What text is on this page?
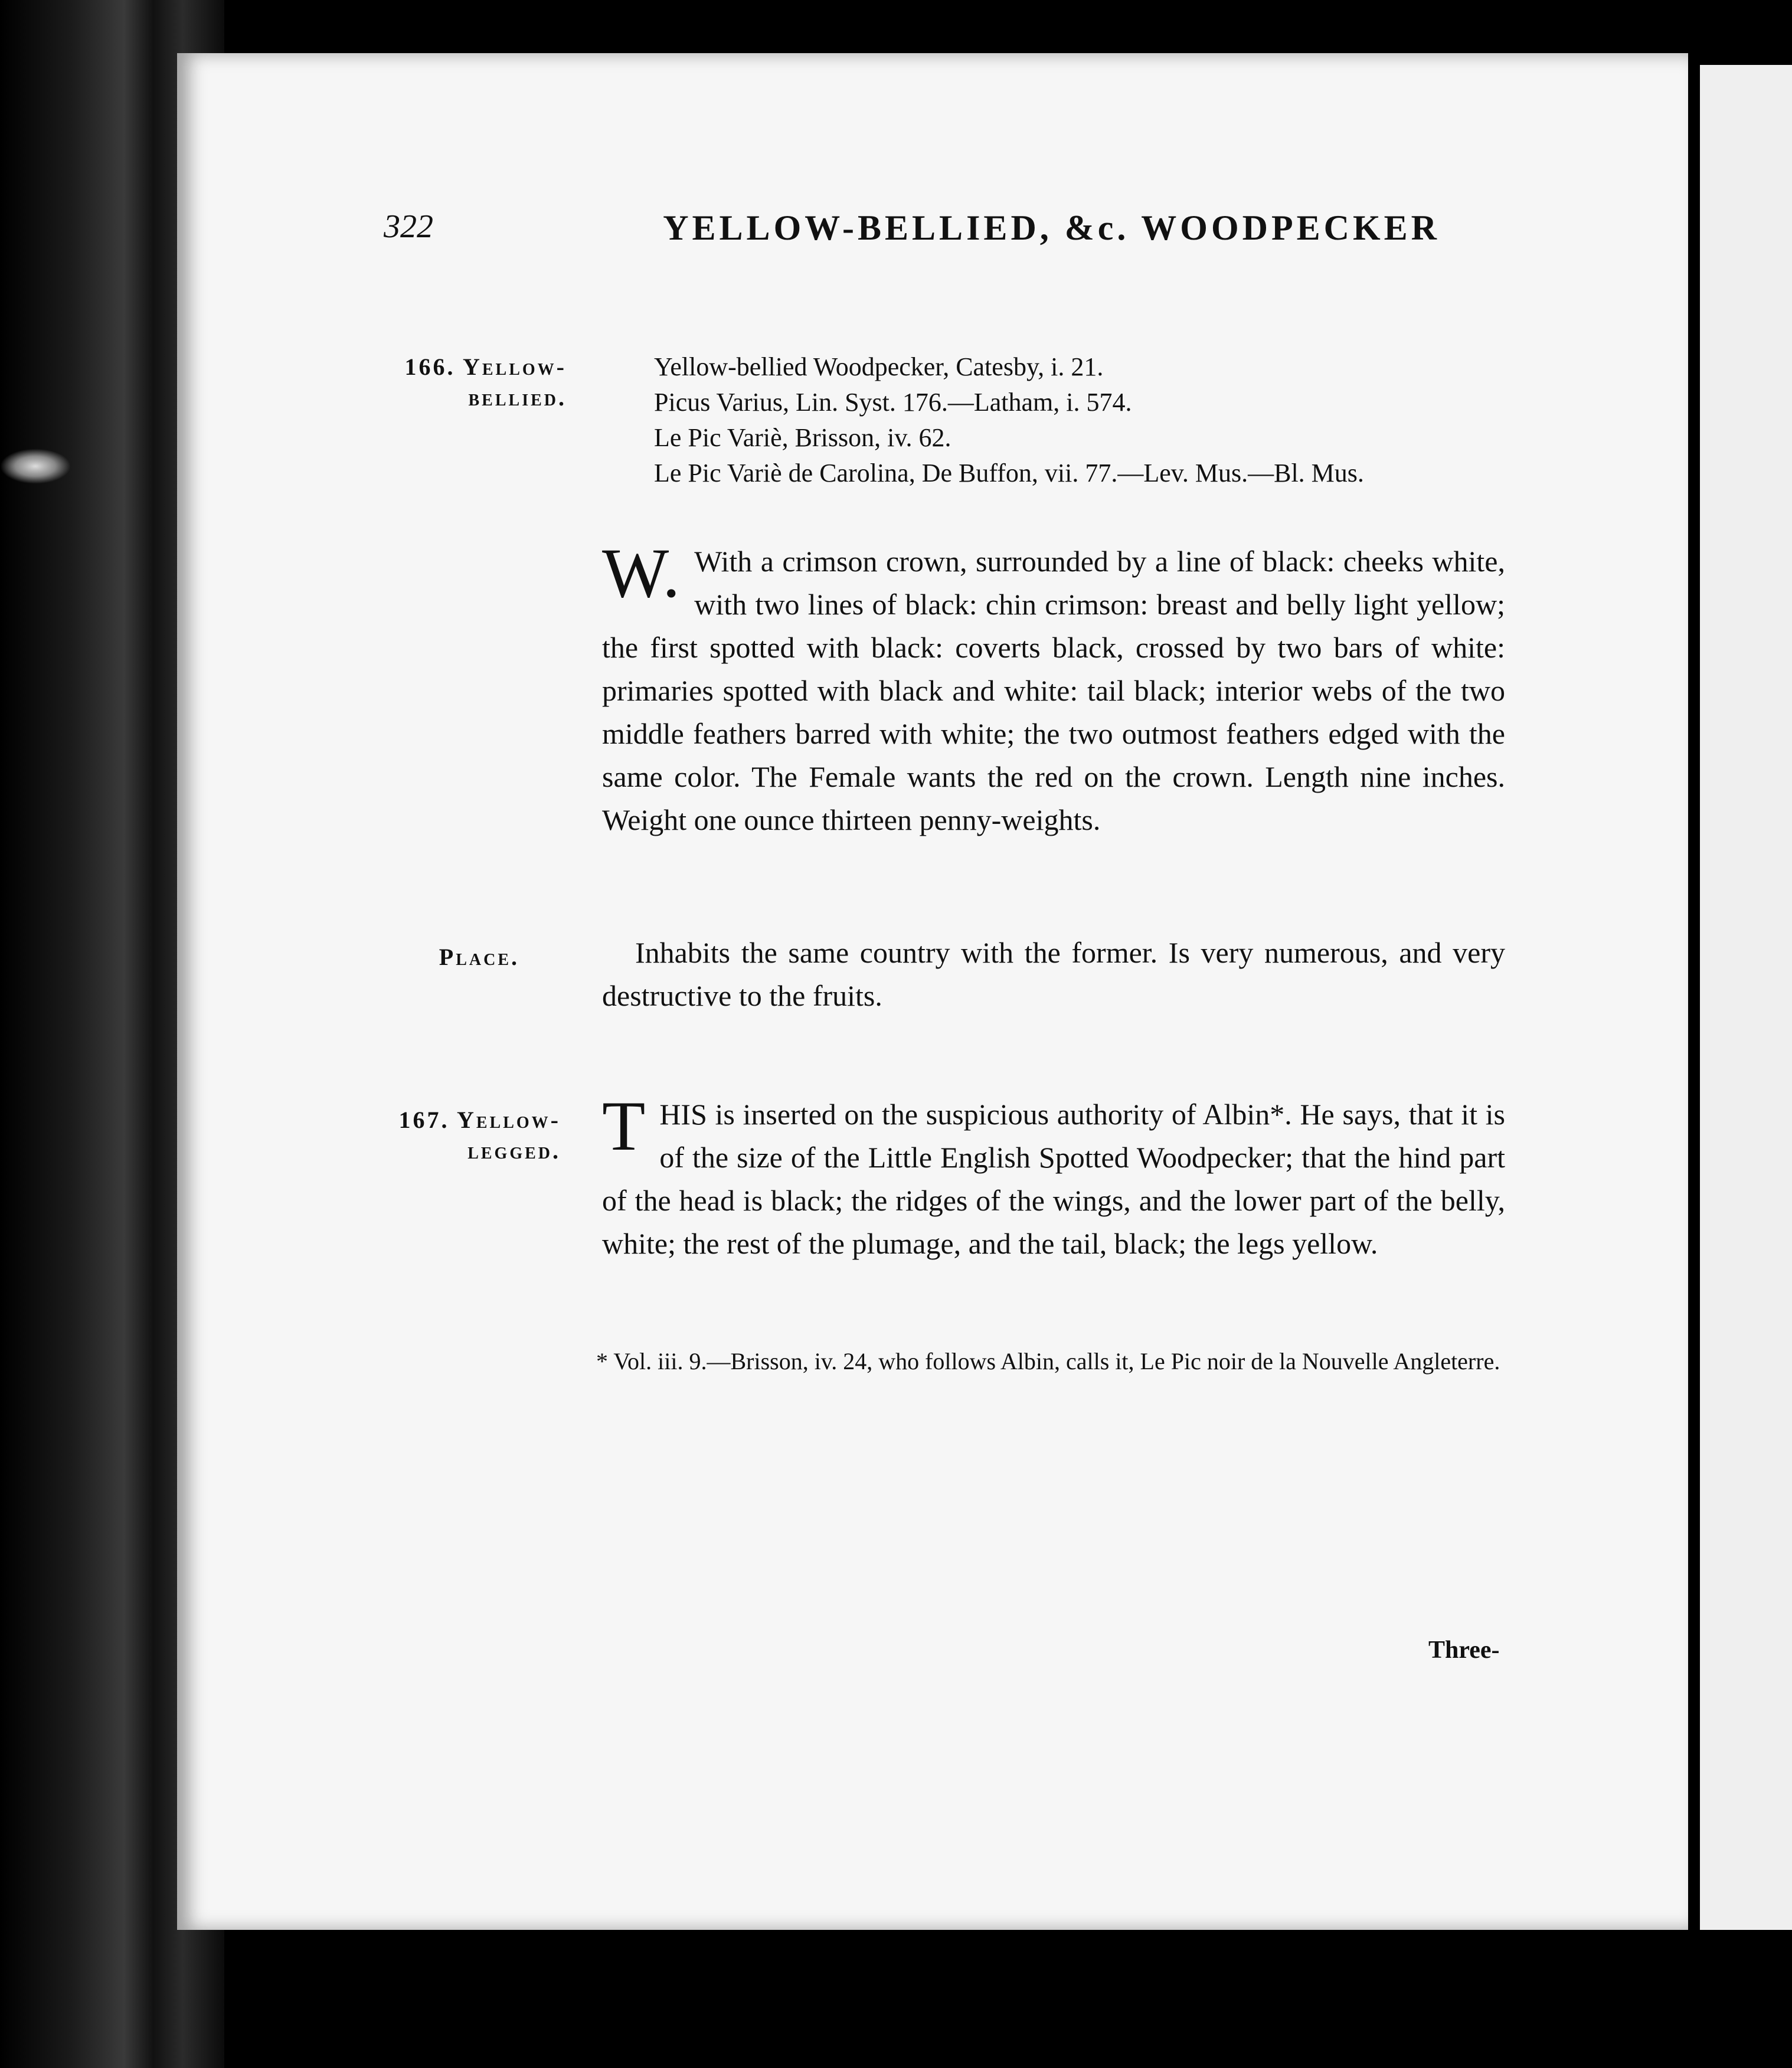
322	YELLOW-BELLIED, &c. WOODPECKER
166. Yellow-
bellied.
Yellow-bellied Woodpecker, Catesby, i. 21.
Picus Varius, Lin. Syst. 176.—Latham, i. 574.
Le Pic Variè, Brisson, iv. 62.
Le Pic Variè de Carolina, De Buffon, vii. 77.—Lev. Mus.—Bl. Mus.

W. With a crimson crown, surrounded by a line of black: cheeks white, with two lines of black: chin crimson: breast and belly light yellow; the first spotted with black: coverts black, crossed by two bars of white: primaries spotted with black and white: tail black; interior webs of the two middle feathers barred with white; the two outmost feathers edged with the same color. The Female wants the red on the crown. Length nine inches. Weight one ounce thirteen penny-weights.

Place.	Inhabits the same country with the former. Is very numerous, and very destructive to the fruits.

167. Yellow-
legged. T HIS is inserted on the suspicious authority of Albin*. He says, that it is of the size of the Little English Spotted Woodpecker; that the hind part of the head is black; the ridges of the wings, and the lower part of the belly, white; the rest of the plumage, and the tail, black; the legs yellow.

* Vol. iii. 9.—Brisson, iv. 24, who follows Albin, calls it, Le Pic noir de la Nouvelle Angleterre.
Three-
